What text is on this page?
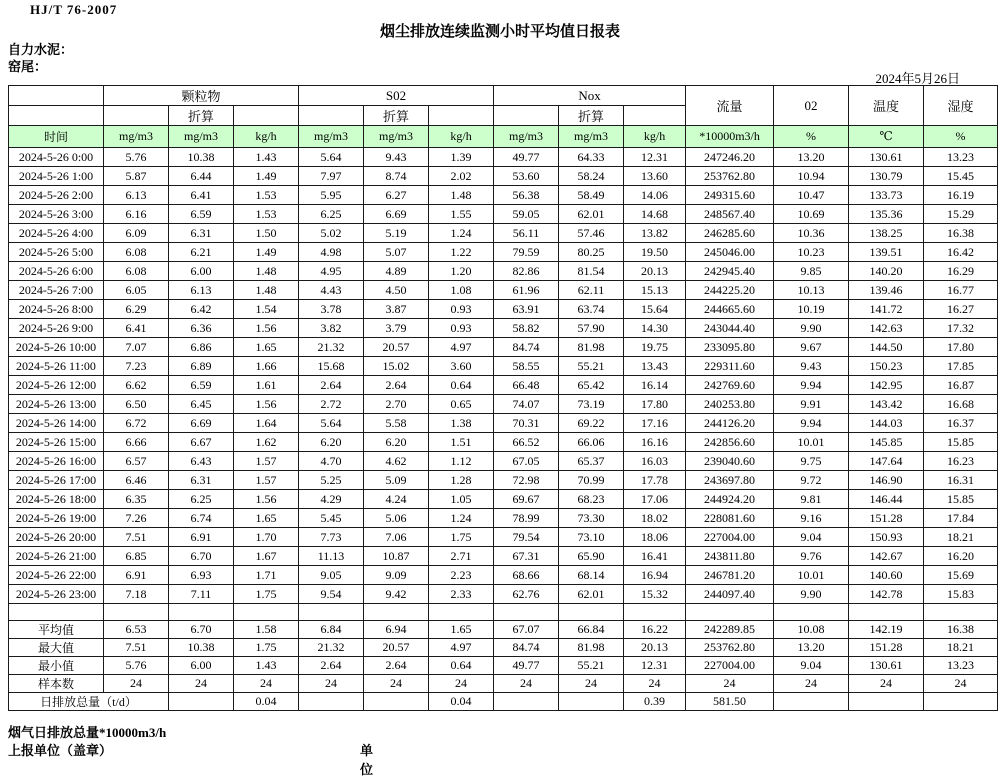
HJ/T 76-2007
烟尘排放连续监测小时平均值日报表
自力水泥：
窑尾：
2024年5月26日
	颗粒物			S02			Nox			流量	02	温度	湿度
		折算			折算			折算					
时间	mg/m3	mg/m3	kg/h	mg/m3	mg/m3	kg/h	mg/m3	mg/m3	kg/h	*10000m3/h	%	℃	%
2024-5-26 0:00	5.76	10.38	1.43	5.64	9.43	1.39	49.77	64.33	12.31	247246.20	13.20	130.61	13.23
2024-5-26 1:00	5.87	6.44	1.49	7.97	8.74	2.02	53.60	58.24	13.60	253762.80	10.94	130.79	15.45
2024-5-26 2:00	6.13	6.41	1.53	5.95	6.27	1.48	56.38	58.49	14.06	249315.60	10.47	133.73	16.19
2024-5-26 3:00	6.16	6.59	1.53	6.25	6.69	1.55	59.05	62.01	14.68	248567.40	10.69	135.36	15.29
2024-5-26 4:00	6.09	6.31	1.50	5.02	5.19	1.24	56.11	57.46	13.82	246285.60	10.36	138.25	16.38
2024-5-26 5:00	6.08	6.21	1.49	4.98	5.07	1.22	79.59	80.25	19.50	245046.00	10.23	139.51	16.42
2024-5-26 6:00	6.08	6.00	1.48	4.95	4.89	1.20	82.86	81.54	20.13	242945.40	9.85	140.20	16.29
2024-5-26 7:00	6.05	6.13	1.48	4.43	4.50	1.08	61.96	62.11	15.13	244225.20	10.13	139.46	16.77
2024-5-26 8:00	6.29	6.42	1.54	3.78	3.87	0.93	63.91	63.74	15.64	244665.60	10.19	141.72	16.27
2024-5-26 9:00	6.41	6.36	1.56	3.82	3.79	0.93	58.82	57.90	14.30	243044.40	9.90	142.63	17.32
2024-5-26 10:00	7.07	6.86	1.65	21.32	20.57	4.97	84.74	81.98	19.75	233095.80	9.67	144.50	17.80
2024-5-26 11:00	7.23	6.89	1.66	15.68	15.02	3.60	58.55	55.21	13.43	229311.60	9.43	150.23	17.85
2024-5-26 12:00	6.62	6.59	1.61	2.64	2.64	0.64	66.48	65.42	16.14	242769.60	9.94	142.95	16.87
2024-5-26 13:00	6.50	6.45	1.56	2.72	2.70	0.65	74.07	73.19	17.80	240253.80	9.91	143.42	16.68
2024-5-26 14:00	6.72	6.69	1.64	5.64	5.58	1.38	70.31	69.22	17.16	244126.20	9.94	144.03	16.37
2024-5-26 15:00	6.66	6.67	1.62	6.20	6.20	1.51	66.52	66.06	16.16	242856.60	10.01	145.85	15.85
2024-5-26 16:00	6.57	6.43	1.57	4.70	4.62	1.12	67.05	65.37	16.03	239040.60	9.75	147.64	16.23
2024-5-26 17:00	6.46	6.31	1.57	5.25	5.09	1.28	72.98	70.99	17.78	243697.80	9.72	146.90	16.31
2024-5-26 18:00	6.35	6.25	1.56	4.29	4.24	1.05	69.67	68.23	17.06	244924.20	9.81	146.44	15.85
2024-5-26 19:00	7.26	6.74	1.65	5.45	5.06	1.24	78.99	73.30	18.02	228081.60	9.16	151.28	17.84
2024-5-26 20:00	7.51	6.91	1.70	7.73	7.06	1.75	79.54	73.10	18.06	227004.00	9.04	150.93	18.21
2024-5-26 21:00	6.85	6.70	1.67	11.13	10.87	2.71	67.31	65.90	16.41	243811.80	9.76	142.67	16.20
2024-5-26 22:00	6.91	6.93	1.71	9.05	9.09	2.23	68.66	68.14	16.94	246781.20	10.01	140.60	15.69
2024-5-26 23:00	7.18	7.11	1.75	9.54	9.42	2.33	62.76	62.01	15.32	244097.40	9.90	142.78	15.83

平均值	6.53	6.70	1.58	6.84	6.94	1.65	67.07	66.84	16.22	242289.85	10.08	142.19	16.38
最大值	7.51	10.38	1.75	21.32	20.57	4.97	84.74	81.98	20.13	253762.80	13.20	151.28	18.21
最小值	5.76	6.00	1.43	2.64	2.64	0.64	49.77	55.21	12.31	227004.00	9.04	130.61	13.23
样本数	24	24	24	24	24	24	24	24	24	24	24	24	24
日排放总量（t/d）			0.04			0.04			0.39	581.50			
烟气日排放总量*10000m3/h
上报单位（盖章）	单位
